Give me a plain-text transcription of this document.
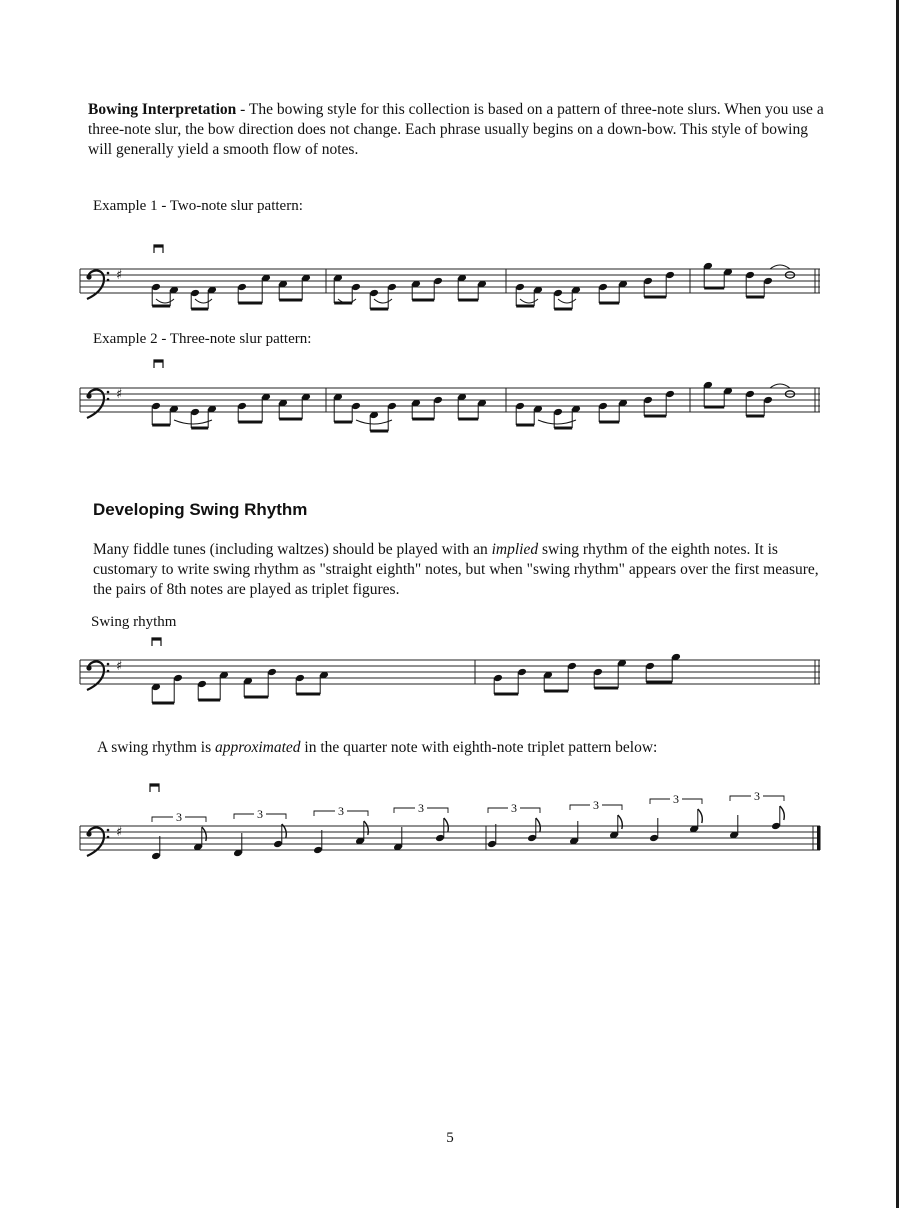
Bowing Interpretation - The bowing style for this collection is based on a pattern of three-note slurs. When you use a three-note slur, the bow direction does not change. Each phrase usually begins on a down-bow. This style of bowing will generally yield a smooth flow of notes.
Example 1 - Two-note slur pattern:
♯
Example 2 - Three-note slur pattern:
♯
Developing Swing Rhythm
Many fiddle tunes (including waltzes) should be played with an implied swing rhythm of the eighth notes. It is customary to write swing rhythm as "straight eighth" notes, but when "swing rhythm" appears over the first measure, the pairs of 8th notes are played as triplet figures.
Swing rhythm
♯
A swing rhythm is approximated in the quarter note with eighth-note triplet pattern below:
♯
3	3	3	3	3	3	3	3
5
